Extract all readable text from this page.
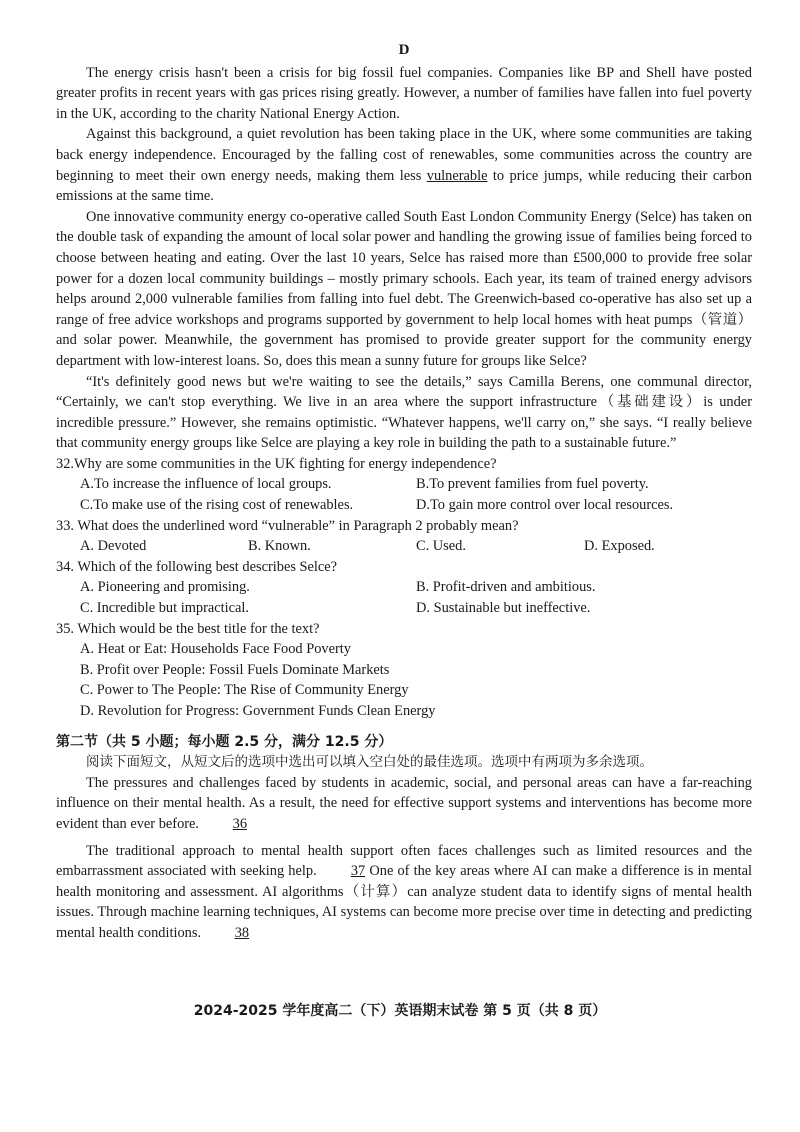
D

The energy crisis hasn't been a crisis for big fossil fuel companies. Companies like BP and Shell have posted greater profits in recent years with gas prices rising greatly. However, a number of families have fallen into fuel poverty in the UK, according to the charity National Energy Action.

Against this background, a quiet revolution has been taking place in the UK, where some communities are taking back energy independence. Encouraged by the falling cost of renewables, some communities across the country are beginning to meet their own energy needs, making them less vulnerable to price jumps, while reducing their carbon emissions at the same time.

One innovative community energy co-operative called South East London Community Energy (Selce) has taken on the double task of expanding the amount of local solar power and handling the growing issue of families being forced to choose between heating and eating. Over the last 10 years, Selce has raised more than £500,000 to provide free solar power for a dozen local community buildings – mostly primary schools. Each year, its team of trained energy advisors helps around 2,000 vulnerable families from falling into fuel debt. The Greenwich-based co-operative has also set up a range of free advice workshops and programs supported by government to help local homes with heat pumps（管道）and solar power. Meanwhile, the government has promised to provide greater support for the community energy department with low-interest loans. So, does this mean a sunny future for groups like Selce?

“It's definitely good news but we're waiting to see the details,” says Camilla Berens, one communal director, “Certainly, we can't stop everything. We live in an area where the support infrastructure（基础建设）is under incredible pressure.” However, she remains optimistic. “Whatever happens, we'll carry on,” she says. “I really believe that community energy groups like Selce are playing a key role in building the path to a sustainable future.”

32.Why are some communities in the UK fighting for energy independence?
A.To increase the influence of local groups.	B.To prevent families from fuel poverty.
C.To make use of the rising cost of renewables.	D.To gain more control over local resources.
33. What does the underlined word “vulnerable” in Paragraph 2 probably mean?
A. Devoted	B. Known.	C. Used.	D. Exposed.
34. Which of the following best describes Selce?
A. Pioneering and promising.	B. Profit-driven and ambitious.
C. Incredible but impractical.	D. Sustainable but ineffective.
35. Which would be the best title for the text?
A. Heat or Eat: Households Face Food Poverty
B. Profit over People: Fossil Fuels Dominate Markets
C. Power to The People: The Rise of Community Energy
D. Revolution for Progress: Government Funds Clean Energy
第二节（共 5 小题；每小题 2.5 分，满分 12.5 分）
阅读下面短文，从短文后的选项中选出可以填入空白处的最佳选项。选项中有两项为多余选项。

The pressures and challenges faced by students in academic, social, and personal areas can have a far-reaching influence on their mental health. As a result, the need for effective support systems and interventions has become more evident than ever before. 36

The traditional approach to mental health support often faces challenges such as limited resources and the embarrassment associated with seeking help. 37 One of the key areas where AI can make a difference is in mental health monitoring and assessment. AI algorithms（计算）can analyze student data to identify signs of mental health issues. Through machine learning techniques, AI systems can become more precise over time in detecting and predicting mental health conditions. 38

2024-2025 学年度高二（下）英语期末试卷 第 5 页（共 8 页）
